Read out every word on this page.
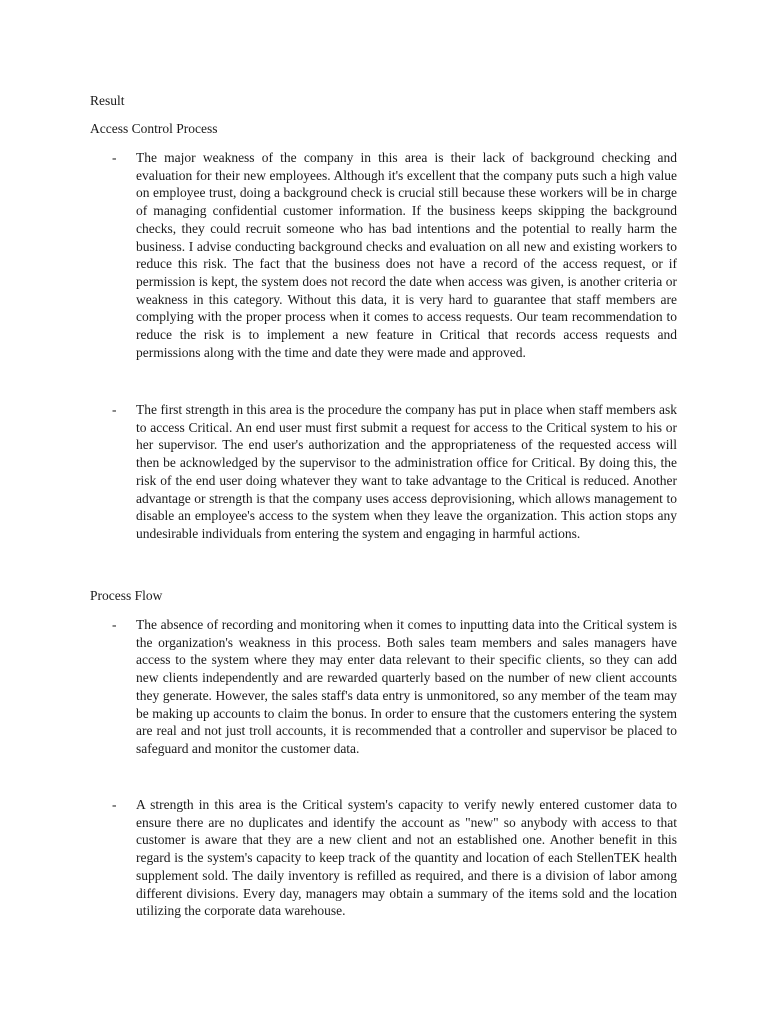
Result

Access Control Process

- The major weakness of the company in this area is their lack of background checking and evaluation for their new employees. Although it's excellent that the company puts such a high value on employee trust, doing a background check is crucial still because these workers will be in charge of managing confidential customer information. If the business keeps skipping the background checks, they could recruit someone who has bad intentions and the potential to really harm the business. I advise conducting background checks and evaluation on all new and existing workers to reduce this risk. The fact that the business does not have a record of the access request, or if permission is kept, the system does not record the date when access was given, is another criteria or weakness in this category. Without this data, it is very hard to guarantee that staff members are complying with the proper process when it comes to access requests. Our team recommendation to reduce the risk is to implement a new feature in Critical that records access requests and permissions along with the time and date they were made and approved.
- The first strength in this area is the procedure the company has put in place when staff members ask to access Critical. An end user must first submit a request for access to the Critical system to his or her supervisor. The end user's authorization and the appropriateness of the requested access will then be acknowledged by the supervisor to the administration office for Critical. By doing this, the risk of the end user doing whatever they want to take advantage to the Critical is reduced. Another advantage or strength is that the company uses access deprovisioning, which allows management to disable an employee's access to the system when they leave the organization. This action stops any undesirable individuals from entering the system and engaging in harmful actions.

Process Flow

- The absence of recording and monitoring when it comes to inputting data into the Critical system is the organization's weakness in this process. Both sales team members and sales managers have access to the system where they may enter data relevant to their specific clients, so they can add new clients independently and are rewarded quarterly based on the number of new client accounts they generate. However, the sales staff's data entry is unmonitored, so any member of the team may be making up accounts to claim the bonus. In order to ensure that the customers entering the system are real and not just troll accounts, it is recommended that a controller and supervisor be placed to safeguard and monitor the customer data.
- A strength in this area is the Critical system's capacity to verify newly entered customer data to ensure there are no duplicates and identify the account as "new" so anybody with access to that customer is aware that they are a new client and not an established one. Another benefit in this regard is the system's capacity to keep track of the quantity and location of each StellenTEK health supplement sold. The daily inventory is refilled as required, and there is a division of labor among different divisions. Every day, managers may obtain a summary of the items sold and the location utilizing the corporate data warehouse.
